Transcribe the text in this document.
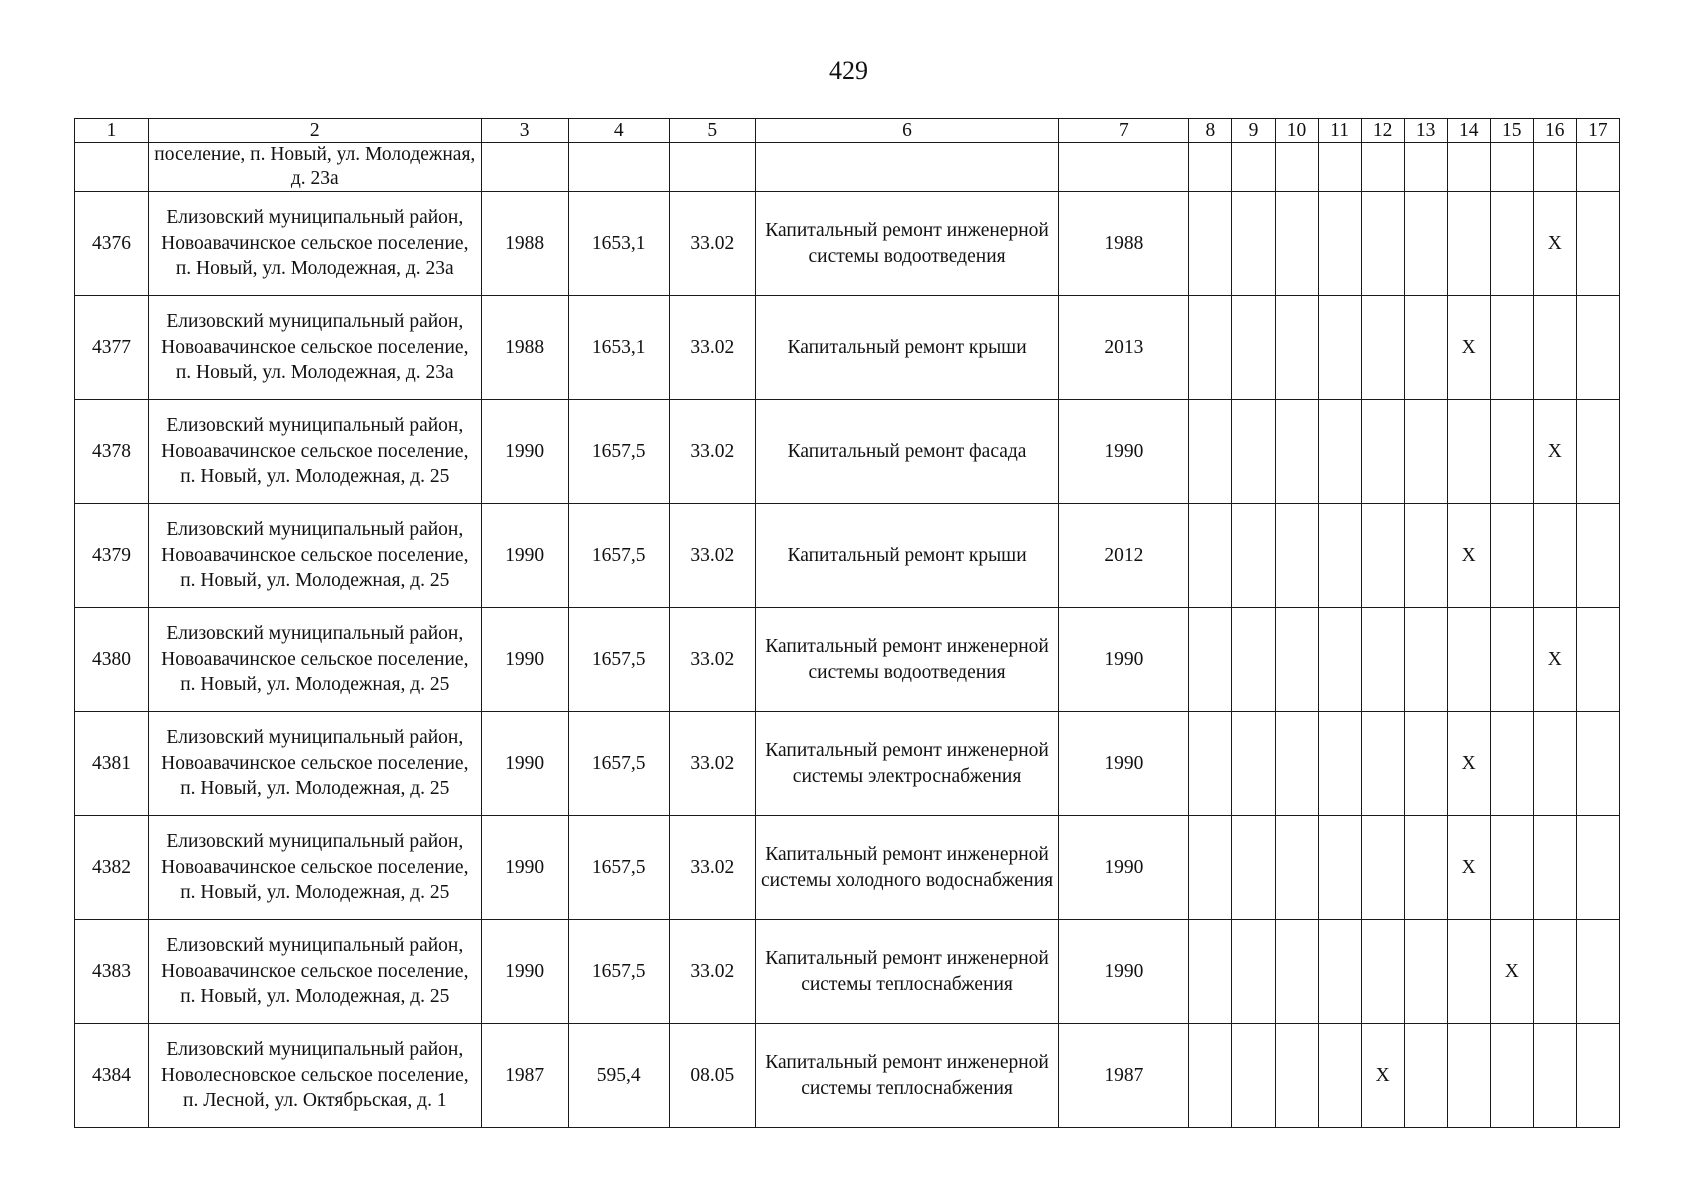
429
1	2	3	4	5	6	7	8	9	10	11	12	13	14	15	16	17
	поселение, п. Новый, ул. Молодежная, д. 23а															
4376	Елизовский муниципальный район, Новоавачинское сельское поселение, п. Новый, ул. Молодежная, д. 23а	1988	1653,1	33.02	Капитальный ремонт инженерной системы водоотведения	1988									X	
4377	Елизовский муниципальный район, Новоавачинское сельское поселение, п. Новый, ул. Молодежная, д. 23а	1988	1653,1	33.02	Капитальный ремонт крыши	2013							X			
4378	Елизовский муниципальный район, Новоавачинское сельское поселение, п. Новый, ул. Молодежная, д. 25	1990	1657,5	33.02	Капитальный ремонт фасада	1990									X	
4379	Елизовский муниципальный район, Новоавачинское сельское поселение, п. Новый, ул. Молодежная, д. 25	1990	1657,5	33.02	Капитальный ремонт крыши	2012							X			
4380	Елизовский муниципальный район, Новоавачинское сельское поселение, п. Новый, ул. Молодежная, д. 25	1990	1657,5	33.02	Капитальный ремонт инженерной системы водоотведения	1990									X	
4381	Елизовский муниципальный район, Новоавачинское сельское поселение, п. Новый, ул. Молодежная, д. 25	1990	1657,5	33.02	Капитальный ремонт инженерной системы электроснабжения	1990							X			
4382	Елизовский муниципальный район, Новоавачинское сельское поселение, п. Новый, ул. Молодежная, д. 25	1990	1657,5	33.02	Капитальный ремонт инженерной системы холодного водоснабжения	1990							X			
4383	Елизовский муниципальный район, Новоавачинское сельское поселение, п. Новый, ул. Молодежная, д. 25	1990	1657,5	33.02	Капитальный ремонт инженерной системы теплоснабжения	1990								X		
4384	Елизовский муниципальный район, Новолесновское сельское поселение, п. Лесной, ул. Октябрьская, д. 1	1987	595,4	08.05	Капитальный ремонт инженерной системы теплоснабжения	1987					X					
